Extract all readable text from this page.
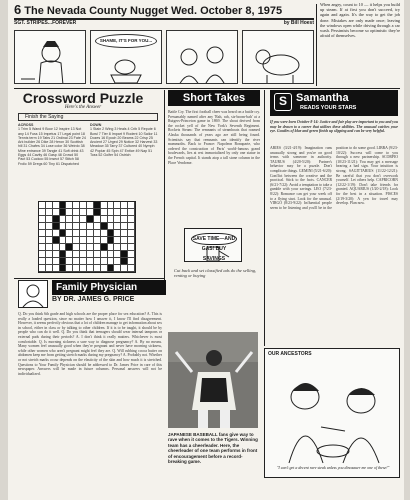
6 The Nevada County Nugget Wed. October 8, 1975
SGT. STRIPES...FOREVER	by Bill Hoest
SHAME, IT'S FOR YOU...
When angry, count to 10 — it helps you build up steam. If at first you don't succeed, try again and again. It's the way to get the job done. Mistakes are only made once; leaving the windows open while driving through a car wash. Pessimists become so optimistic they're afraid of themselves.
Crossword Puzzle
Here's the Answer
Finish the Saying
ACROSS
1 Trim 5 Wand 9 Boor 12 Inspire 13 Not any 14 Fuss 15 Impetus 17 Legal point 18 Tennis term 19 Tabs 21 Ordinal 23 Fate 24 Ark builder 26 Dike 28 Heron 30 Scottish hill 31 Chafes 34 Lose color 36 Weirdo 38 Mine entrance 39 Tangle 41 Soft drink 43 Eggs 44 Cavity 46 Gasp 48 Crowd 50 Pact 53 Cuckoo 55 Insect 57 Stitch 58 Frolic 59 Dregs 60 Tiny 61 Dispatched
DOWN
1 Stain 2 Wing 3 Heals 4 Crib 5 Repute 6 Bowl 7 Tier 8 Impart 9 Rodent 10 Sailor 11 Dozes 16 Epoch 20 Beams 22 Crisp 25 Ancient 27 Urged 29 Notice 32 Harvest 33 Meadow 35 Tarry 37 Cultured 40 Nymph 42 Poplar 45 Spin 47 Entice 49 Nap 51 Toss 52 Golfer 54 Ostrich
Short Takes
Battle Cry. The first football cheer was heard on a battle cry. Presumably named after any 'Rah, rah, sis-boom-bah' at a Rutgers-Princeton game in 1869. The shout derived from the rocket yell of the New York's Seventh Regiment. Rockets Steam: The remnants of steamboats that roamed Alaska thousands of years ago are still being found. Scientists say that remnants can identify the river mammoths. Back to France: Napoleon Bonaparte, who ordered the construction of Paris' world-famous grand boulevards, lies at rest immortalized by only one statue in the French capital. It stands atop a tall stone column in the Place Vendome.
SAVE TIME—AND GAS! BUY SAVINGS
Cut back and set classified ads do the selling, renting or buying
S Samantha
READS YOUR STARS
If you were born October 8-14: Justice and fair play are important to you and you may be drawn to a career that utilizes these abilities. The unusual catches your eye. Goodies of blue and green finish up slipping and can be very helpful.
ARIES (3/21-4/19): Imagination runs unusually strong and you're on good terms with someone in authority. TAURUS (4/20-5/20): Partner's behavior may be a puzzle. Don't complicate things. GEMINI (5/21-6/20): Conflict between the creative and the practical. Stick to the facts. CANCER (6/21-7/22): Avoid a temptation to take a gamble with your savings. LEO (7/23-8/22): Romance can get your week off to a flying start. Look for the unusual. VIRGO (8/23-9/22): Influential people seem to be listening and you'll be in the position to do some good. LIBRA (9/23-10/22): Success will come to you through a new partnership. SCORPIO (10/23-11/21): You may get a message bearing a bad sign. Your intuition is strong. SAGITTARIUS (11/22-12/21): Be careful that you don't overwork yourself. Let others help. CAPRICORN (12/22-1/19): Don't take friends for granted. AQUARIUS (1/20-2/18): Look for the best in a situation. PISCES (2/19-3/20): A yen for travel may develop. Plan now.
Family Physician
BY DR. JAMES G. PRICE
Q. Do you think 6th grade and high schools are the proper place for sex education? A. This is really a loaded question, since no matter how I answer it, I know I'll find disagreement. However, it seems perfectly obvious that a lot of children manage to get information about sex in school, either in class or by talking to other children. If it is to be taught, it should be by people who can do it well. Q. Do you think that teenagers should wear internal tampons or external pads during their periods? A. I don't think it really matters. Whichever is most comfortable. Q. Is morning sickness a sure way to diagnose pregnancy? A. By no means. Many women feel unusually good when they're pregnant and never have morning sickness, while other women who aren't pregnant might feel they are. Q. Will rubbing cocoa butter on abdomen keep me from getting stretch marks during my pregnancy? A. Probably not. Whether or not stretch marks occur depends on the elasticity of the skin and how much it is stretched. Questions to Your Family Physician should be addressed to Dr. James Price in care of this newspaper. Answers will be made in future columns. Personal answers will not be individualized.
JAPANESE BASEBALL fans give way to rave when it comes to the Tigers. Winning team has a cheerleader. Here, the cheerleader of one team performs in front of encouragement before a record-breaking game.
OUR ANCESTORS
"I can't get a decent rare steak unless you dinosauer me one of these!"
